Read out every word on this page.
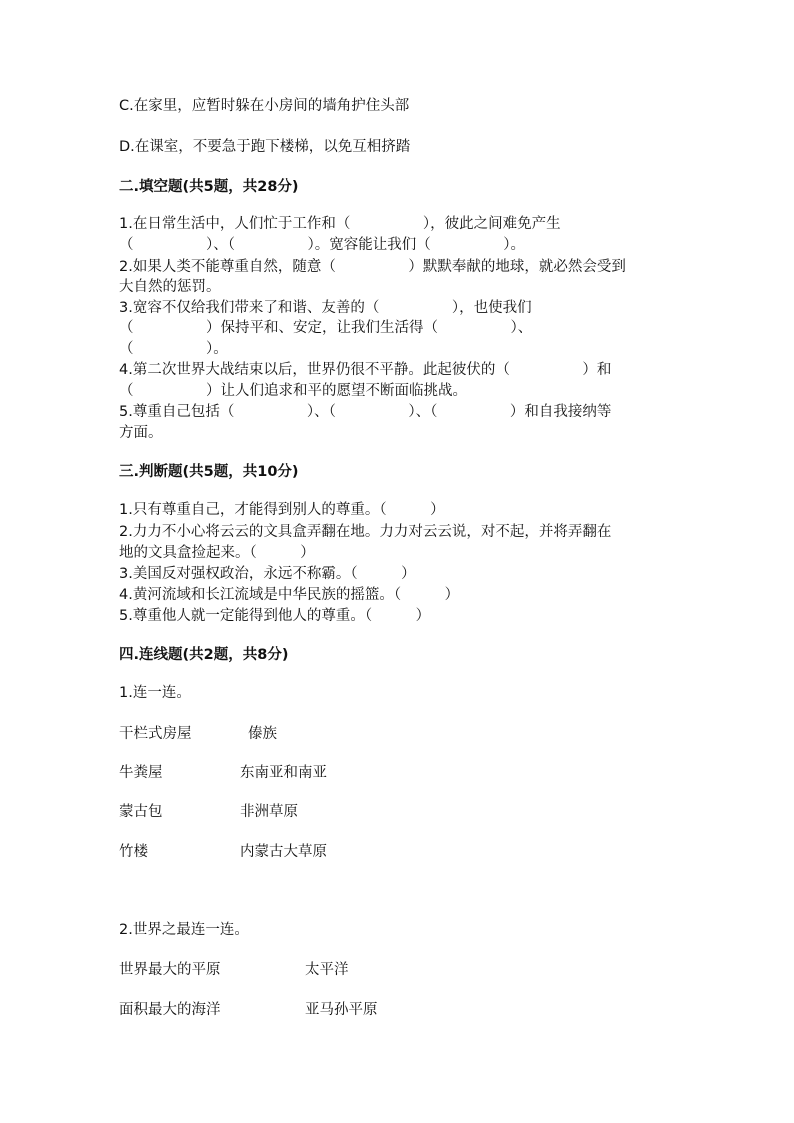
C.在家里，应暂时躲在小房间的墙角护住头部
D.在课室，不要急于跑下楼梯，以免互相挤踏
二.填空题(共5题，共28分)
1.在日常生活中，人们忙于工作和（　　　　　），彼此之间难免产生
（　　　　　）、（　　　　　）。宽容能让我们（　　　　　）。
2.如果人类不能尊重自然，随意（　　　　　）默默奉献的地球，就必然会受到
大自然的惩罚。
3.宽容不仅给我们带来了和谐、友善的（　　　　　），也使我们
（　　　　　）保持平和、安定，让我们生活得（　　　　　）、
（　　　　　）。
4.第二次世界大战结束以后，世界仍很不平静。此起彼伏的（　　　　　）和
（　　　　　）让人们追求和平的愿望不断面临挑战。
5.尊重自己包括（　　　　　）、（　　　　　）、（　　　　　）和自我接纳等
方面。
三.判断题(共5题，共10分)
1.只有尊重自己，才能得到别人的尊重。（　　　）
2.力力不小心将云云的文具盒弄翻在地。力力对云云说，对不起，并将弄翻在
地的文具盒捡起来。（　　　）
3.美国反对强权政治，永远不称霸。（　　　）
4.黄河流域和长江流域是中华民族的摇篮。（　　　）
5.尊重他人就一定能得到他人的尊重。（　　　）
四.连线题(共2题，共8分)
1.连一连。
干栏式房屋	傣族
牛粪屋	东南亚和南亚
蒙古包	非洲草原
竹楼	内蒙古大草原
2.世界之最连一连。
世界最大的平原	太平洋
面积最大的海洋	亚马孙平原
